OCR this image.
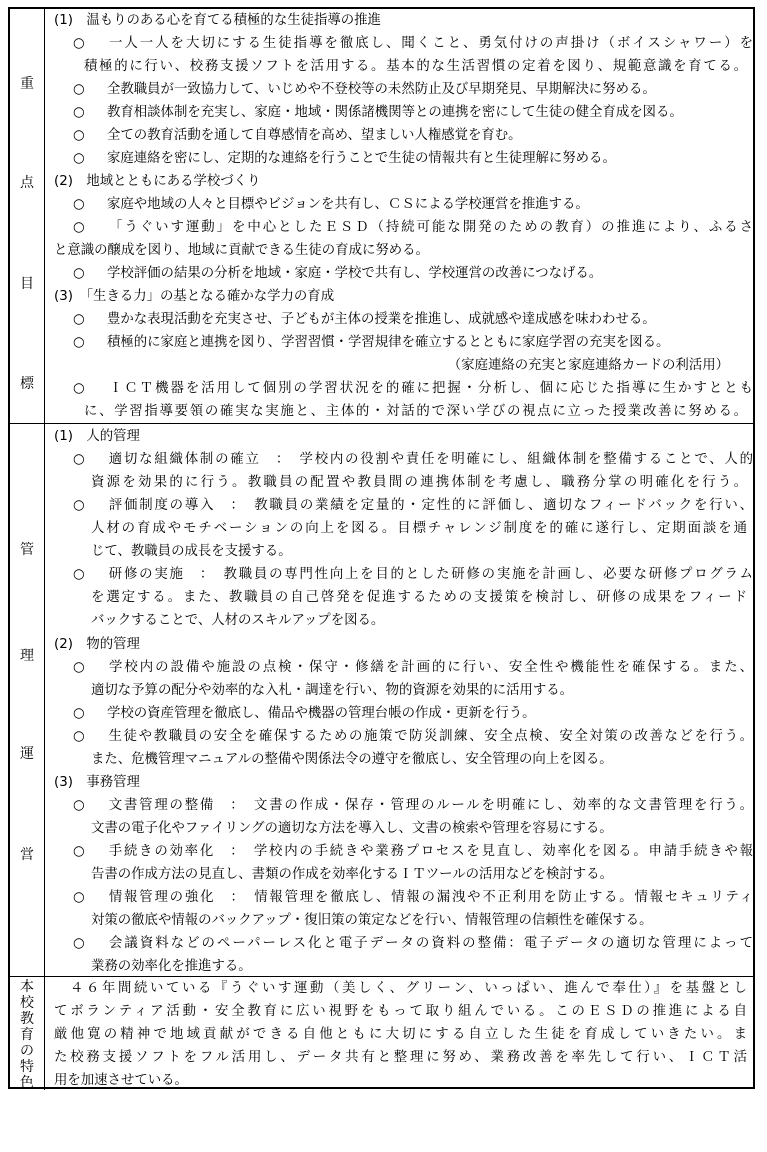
重
点
目
標
(1)　温もりのある心を育てる積極的な生徒指導の推進
○ 一人一人を大切にする生徒指導を徹底し、聞くこと、勇気付けの声掛け（ボイスシャワー）を
積極的に行い、校務支援ソフトを活用する。基本的な生活習慣の定着を図り、規範意識を育てる。
○ 全教職員が一致協力して、いじめや不登校等の未然防止及び早期発見、早期解決に努める。
○ 教育相談体制を充実し、家庭・地域・関係諸機関等との連携を密にして生徒の健全育成を図る。
○ 全ての教育活動を通して自尊感情を高め、望ましい人権感覚を育む。
○ 家庭連絡を密にし、定期的な連絡を行うことで生徒の情報共有と生徒理解に努める。
(2)　地域とともにある学校づくり
○ 家庭や地域の人々と目標やビジョンを共有し、ＣＳによる学校運営を推進する。
○ 「うぐいす運動」を中心としたＥＳＤ（持続可能な開発のための教育）の推進により、ふるさ
と意識の醸成を図り、地域に貢献できる生徒の育成に努める。
○ 学校評価の結果の分析を地域・家庭・学校で共有し、学校運営の改善につなげる。
(3)　「生きる力」の基となる確かな学力の育成
○ 豊かな表現活動を充実させ、子どもが主体の授業を推進し、成就感や達成感を味わわせる。
○ 積極的に家庭と連携を図り、学習習慣・学習規律を確立するとともに家庭学習の充実を図る。
（家庭連絡の充実と家庭連絡カードの利活用）
○ ＩＣＴ機器を活用して個別の学習状況を的確に把握・分析し、個に応じた指導に生かすととも
に、学習指導要領の確実な実施と、主体的・対話的で深い学びの視点に立った授業改善に努める。
管
理
運
営
(1)　人的管理
○ 適切な組織体制の確立　：　学校内の役割や責任を明確にし、組織体制を整備することで、人的
資源を効果的に行う。教職員の配置や教員間の連携体制を考慮し、職務分掌の明確化を行う。
○ 評価制度の導入　：　教職員の業績を定量的・定性的に評価し、適切なフィードバックを行い、
人材の育成やモチベーションの向上を図る。目標チャレンジ制度を的確に遂行し、定期面談を通
じて、教職員の成長を支援する。
○ 研修の実施　：　教職員の専門性向上を目的とした研修の実施を計画し、必要な研修プログラム
を選定する。また、教職員の自己啓発を促進するための支援策を検討し、研修の成果をフィード
バックすることで、人材のスキルアップを図る。
(2)　物的管理
○ 学校内の設備や施設の点検・保守・修繕を計画的に行い、安全性や機能性を確保する。また、
適切な予算の配分や効率的な入札・調達を行い、物的資源を効果的に活用する。
○ 学校の資産管理を徹底し、備品や機器の管理台帳の作成・更新を行う。
○ 生徒や教職員の安全を確保するための施策で防災訓練、安全点検、安全対策の改善などを行う。
また、危機管理マニュアルの整備や関係法令の遵守を徹底し、安全管理の向上を図る。
(3)　事務管理
○ 文書管理の整備　：　文書の作成・保存・管理のルールを明確にし、効率的な文書管理を行う。
文書の電子化やファイリングの適切な方法を導入し、文書の検索や管理を容易にする。
○ 手続きの効率化　：　学校内の手続きや業務プロセスを見直し、効率化を図る。申請手続きや報
告書の作成方法の見直し、書類の作成を効率化するＩＴツールの活用などを検討する。
○ 情報管理の強化　：　情報管理を徹底し、情報の漏洩や不正利用を防止する。情報セキュリティ
対策の徹底や情報のバックアップ・復旧策の策定などを行い、情報管理の信頼性を確保する。
○ 会議資料などのペーパーレス化と電子データの資料の整備：電子データの適切な管理によって
業務の効率化を推進する。
本
校
教
育
の
特
色
　４６年間続いている『うぐいす運動（美しく、グリーン、いっぱい、進んで奉仕）』を基盤とし
てボランティア活動・安全教育に広い視野をもって取り組んでいる。このＥＳＤの推進による自
厳他寛の精神で地域貢献ができる自他ともに大切にする自立した生徒を育成していきたい。ま
た校務支援ソフトをフル活用し、データ共有と整理に努め、業務改善を率先して行い、ＩＣＴ活
用を加速させている。
